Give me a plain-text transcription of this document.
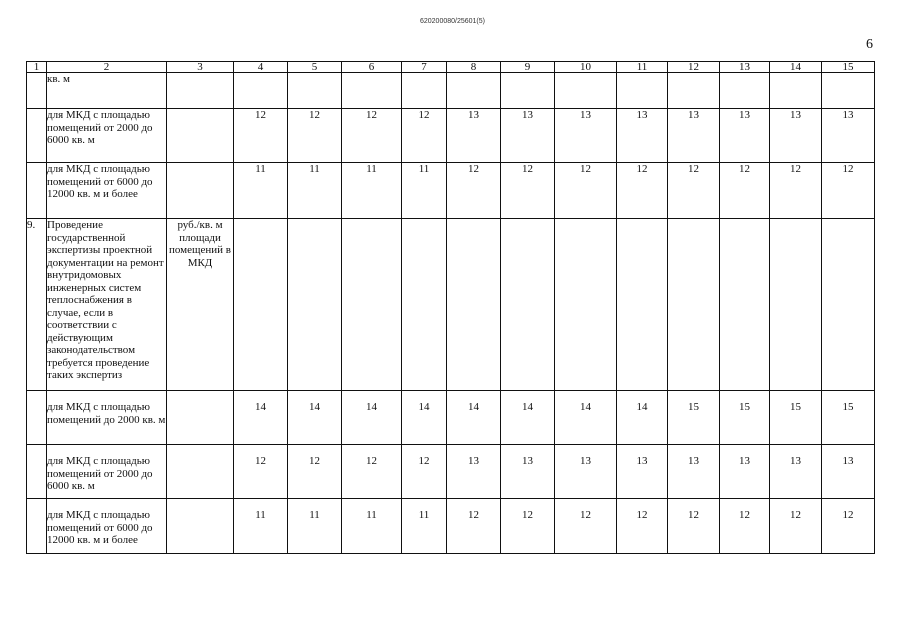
620200080/25601(5)
6
1	2	3	4	5	6	7	8	9	10	11	12	13	14	15
	кв. м													
	для МКД с площадью помещений от 2000 до 6000 кв. м		12	12	12	12	13	13	13	13	13	13	13	13
	для МКД с площадью помещений от 6000 до 12000 кв. м и более		11	11	11	11	12	12	12	12	12	12	12	12
9.	Проведение государственной экспертизы проектной документации на ремонт внутридомовых инженерных систем теплоснабжения в случае, если в соответствии с действующим законодательством требуется проведение таких экспертиз	руб./кв. м площади помещений в МКД												
	для МКД с площадью помещений до 2000 кв. м		14	14	14	14	14	14	14	14	15	15	15	15
	для МКД с площадью помещений от 2000 до 6000 кв. м		12	12	12	12	13	13	13	13	13	13	13	13
	для МКД с площадью помещений от 6000 до 12000 кв. м и более		11	11	11	11	12	12	12	12	12	12	12	12
